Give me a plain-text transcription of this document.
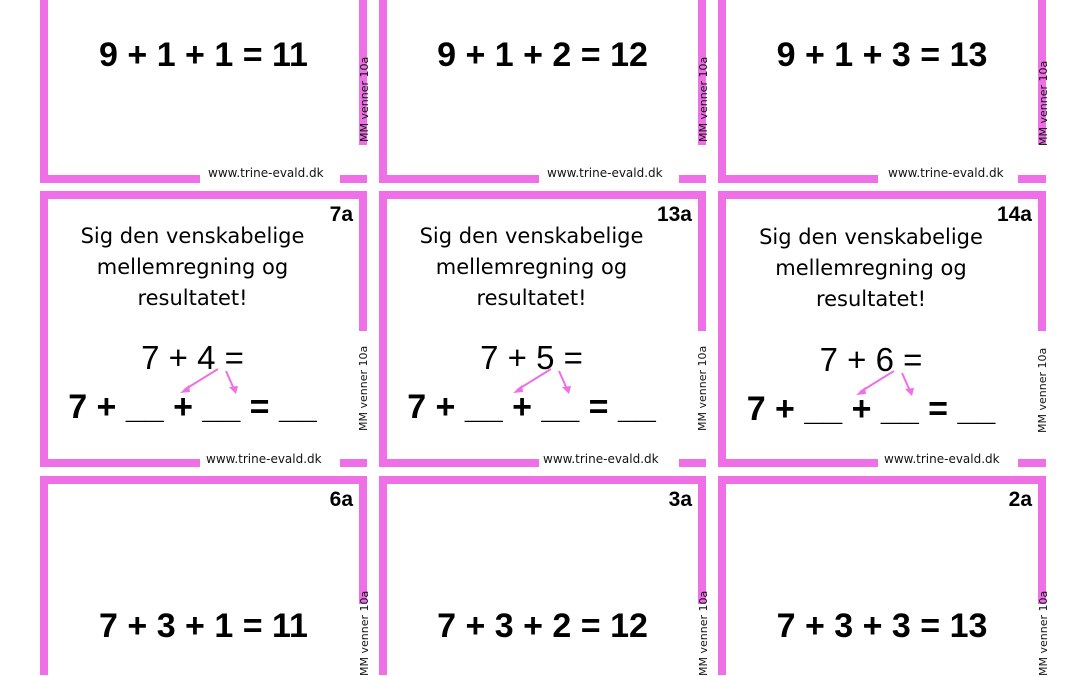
9 + 1 + 1 = 11
www.trine-evald.dk
MM venner 10a
9 + 1 + 2 = 12
www.trine-evald.dk
MM venner 10a
9 + 1 + 3 = 13
www.trine-evald.dk
MM venner 10a
7a
Sig den venskabelige
mellemregning og
resultatet!
7 + 4 =
7 + __ + __ = __
www.trine-evald.dk
MM venner 10a
13a
Sig den venskabelige
mellemregning og
resultatet!
7 + 5 =
7 + __ + __ = __
www.trine-evald.dk
MM venner 10a
14a
Sig den venskabelige
mellemregning og
resultatet!
7 + 6 =
7 + __ + __ = __
www.trine-evald.dk
MM venner 10a
6a
7 + 3 + 1 = 11	MM venner 10a
3a
7 + 3 + 2 = 12	MM venner 10a
2a
7 + 3 + 3 = 13	MM venner 10a
